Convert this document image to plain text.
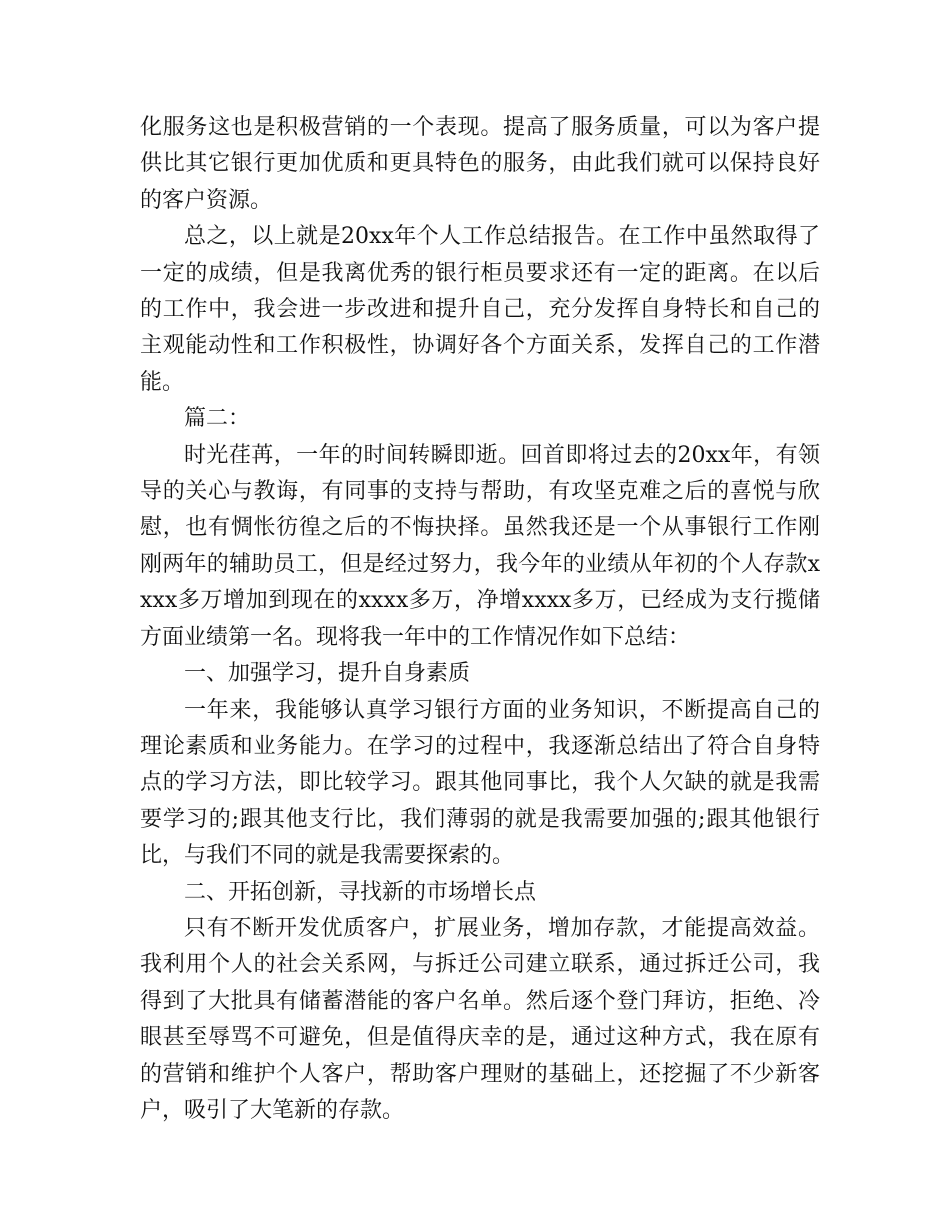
化服务这也是积极营销的一个表现。提高了服务质量，可以为客户提供比其它银行更加优质和更具特色的服务，由此我们就可以保持良好的客户资源。

总之，以上就是20xx年个人工作总结报告。在工作中虽然取得了一定的成绩，但是我离优秀的银行柜员要求还有一定的距离。在以后的工作中，我会进一步改进和提升自己，充分发挥自身特长和自己的主观能动性和工作积极性，协调好各个方面关系，发挥自己的工作潜能。

篇二：

时光荏苒，一年的时间转瞬即逝。回首即将过去的20xx年，有领导的关心与教诲，有同事的支持与帮助，有攻坚克难之后的喜悦与欣慰，也有惆怅彷徨之后的不悔抉择。虽然我还是一个从事银行工作刚刚两年的辅助员工，但是经过努力，我今年的业绩从年初的个人存款xxxx多万增加到现在的xxxx多万，净增xxxx多万，已经成为支行揽储方面业绩第一名。现将我一年中的工作情况作如下总结：

一、加强学习，提升自身素质

一年来，我能够认真学习银行方面的业务知识，不断提高自己的理论素质和业务能力。在学习的过程中，我逐渐总结出了符合自身特点的学习方法，即比较学习。跟其他同事比，我个人欠缺的就是我需要学习的;跟其他支行比，我们薄弱的就是我需要加强的;跟其他银行比，与我们不同的就是我需要探索的。

二、开拓创新，寻找新的市场增长点

只有不断开发优质客户，扩展业务，增加存款，才能提高效益。我利用个人的社会关系网，与拆迁公司建立联系，通过拆迁公司，我得到了大批具有储蓄潜能的客户名单。然后逐个登门拜访，拒绝、冷眼甚至辱骂不可避免，但是值得庆幸的是，通过这种方式，我在原有的营销和维护个人客户，帮助客户理财的基础上，还挖掘了不少新客户，吸引了大笔新的存款。
